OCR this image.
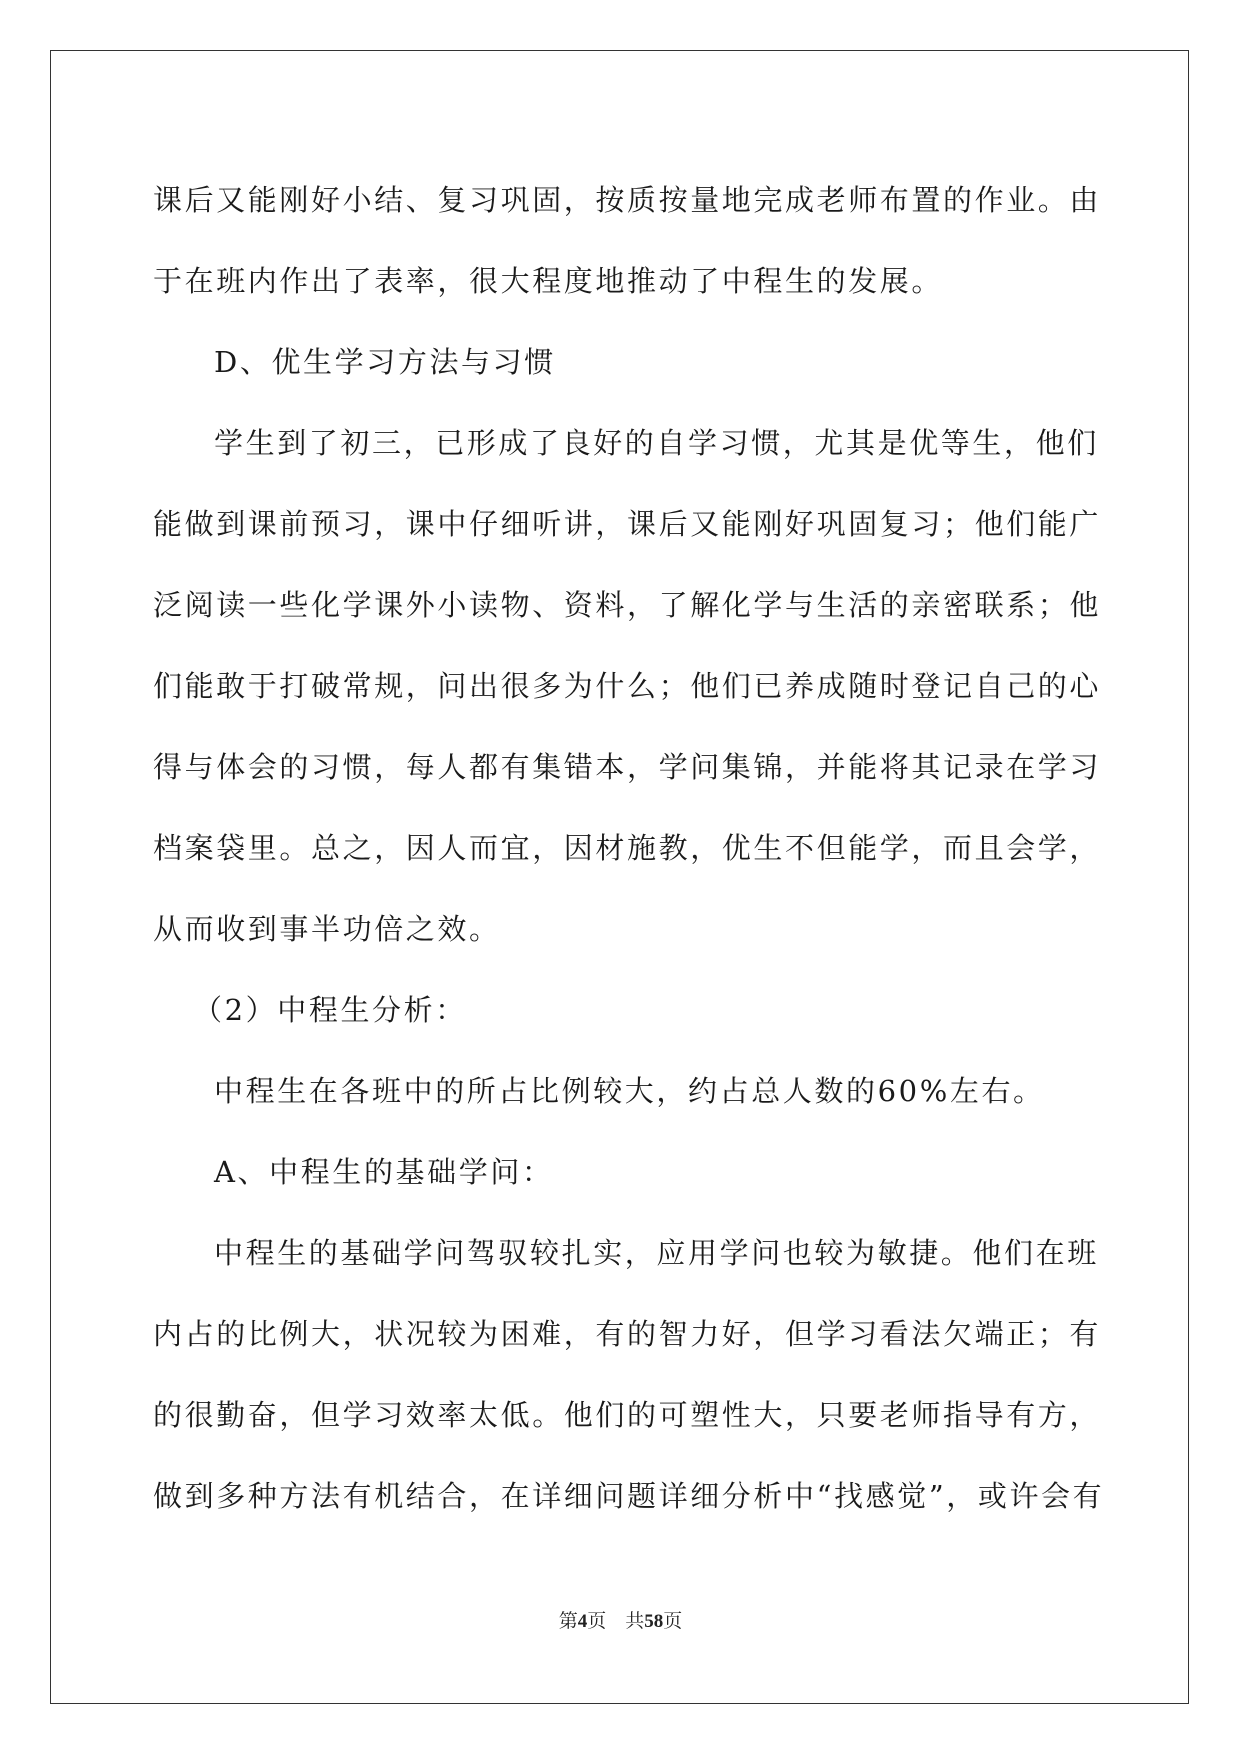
课后又能刚好小结、复习巩固，按质按量地完成老师布置的作业。由

于在班内作出了表率，很大程度地推动了中程生的发展。

D、优生学习方法与习惯

学生到了初三，已形成了良好的自学习惯，尤其是优等生，他们

能做到课前预习，课中仔细听讲，课后又能刚好巩固复习；他们能广

泛阅读一些化学课外小读物、资料，了解化学与生活的亲密联系；他

们能敢于打破常规，问出很多为什么；他们已养成随时登记自己的心

得与体会的习惯，每人都有集错本，学问集锦，并能将其记录在学习

档案袋里。总之，因人而宜，因材施教，优生不但能学，而且会学，

从而收到事半功倍之效。

（2）中程生分析：

中程生在各班中的所占比例较大，约占总人数的60%左右。

A、中程生的基础学问：

中程生的基础学问驾驭较扎实，应用学问也较为敏捷。他们在班

内占的比例大，状况较为困难，有的智力好，但学习看法欠端正；有

的很勤奋，但学习效率太低。他们的可塑性大，只要老师指导有方，

做到多种方法有机结合，在详细问题详细分析中“找感觉”，或许会有

第4页　共58页
